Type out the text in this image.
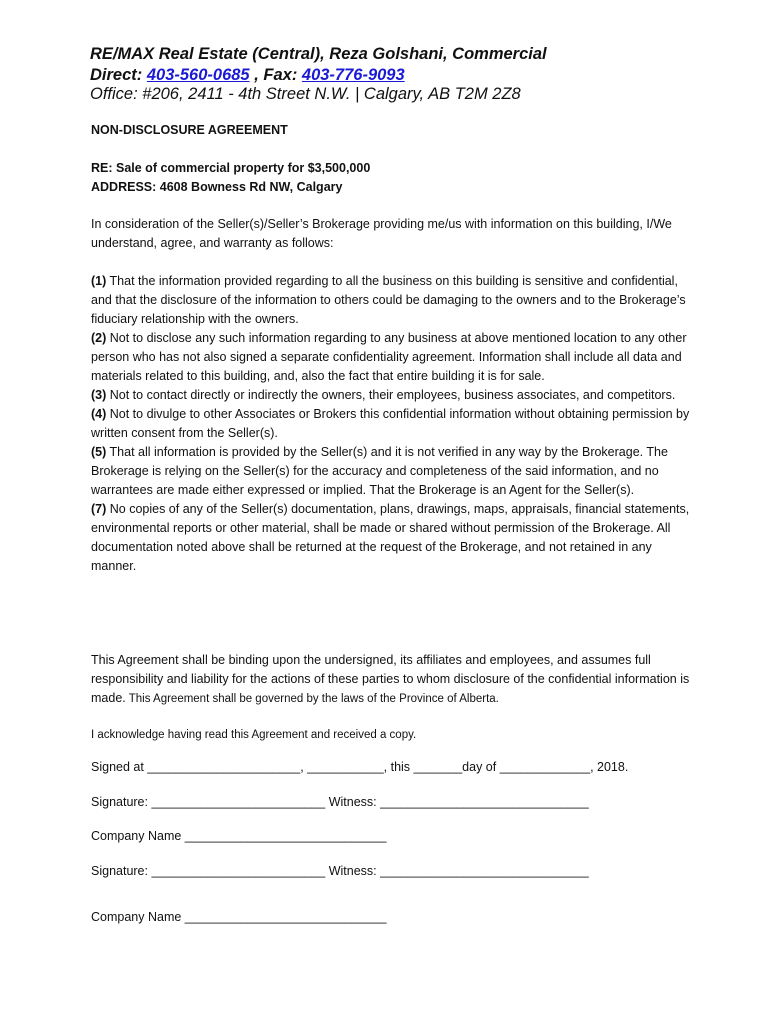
RE/MAX Real Estate (Central), Reza Golshani, Commercial
Direct: 403-560-0685 , Fax: 403-776-9093
Office: #206, 2411 - 4th Street N.W. | Calgary, AB T2M 2Z8
NON-DISCLOSURE AGREEMENT
RE: Sale of commercial property for $3,500,000
ADDRESS: 4608 Bowness Rd NW, Calgary
In consideration of the Seller(s)/Seller’s Brokerage providing me/us with information on this building, I/We understand, agree, and warranty as follows:

(1) That the information provided regarding to all the business on this building is sensitive and confidential, and that the disclosure of the information to others could be damaging to the owners and to the Brokerage’s fiduciary relationship with the owners.

(2) Not to disclose any such information regarding to any business at above mentioned location to any other person who has not also signed a separate confidentiality agreement. Information shall include all data and materials related to this building, and, also the fact that entire building it is for sale.

(3) Not to contact directly or indirectly the owners, their employees, business associates, and competitors.

(4) Not to divulge to other Associates or Brokers this confidential information without obtaining permission by written consent from the Seller(s).

(5) That all information is provided by the Seller(s) and it is not verified in any way by the Brokerage. The Brokerage is relying on the Seller(s) for the accuracy and completeness of the said information, and no warrantees are made either expressed or implied. That the Brokerage is an Agent for the Seller(s).

(7) No copies of any of the Seller(s) documentation, plans, drawings, maps, appraisals, financial statements, environmental reports or other material, shall be made or shared without permission of the Brokerage. All documentation noted above shall be returned at the request of the Brokerage, and not retained in any manner.

This Agreement shall be binding upon the undersigned, its affiliates and employees, and assumes full responsibility and liability for the actions of these parties to whom disclosure of the confidential information is made. This Agreement shall be governed by the laws of the Province of Alberta.
I acknowledge having read this Agreement and received a copy.
Signed at ______________________, ___________, this _______day of _____________, 2018.
Signature: _________________________ Witness: ______________________________
Company Name _____________________________
Signature: _________________________ Witness: ______________________________
Company Name _____________________________
